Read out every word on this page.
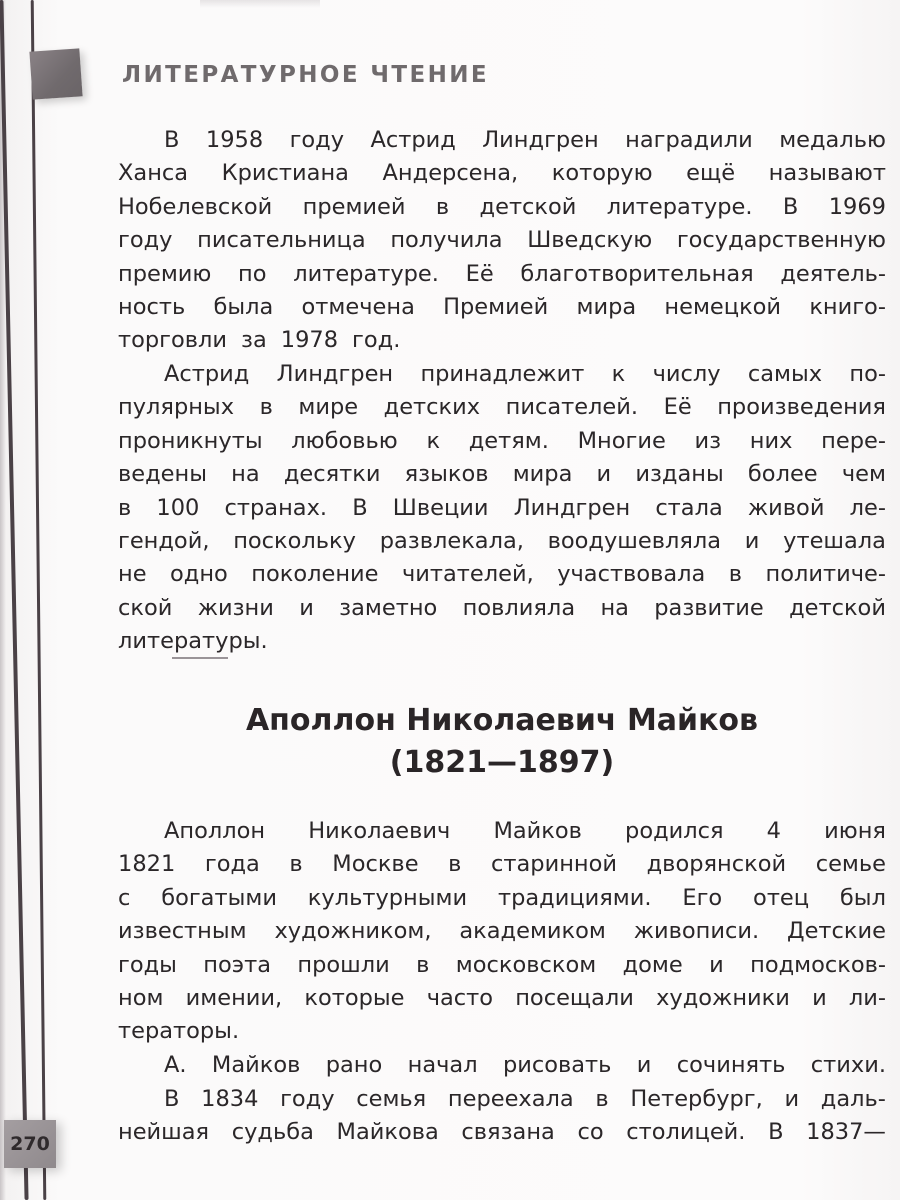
ЛИТЕРАТУРНОЕ ЧТЕНИЕ
В 1958 году Астрид Линдгрен наградили медалью
Ханса Кристиана Андерсена, которую ещё называют
Нобелевской премией в детской литературе. В 1969
году писательница получила Шведскую государственную
премию по литературе. Её благотворительная деятель-
ность была отмечена Премией мира немецкой книго-
торговли за 1978 год.
Астрид Линдгрен принадлежит к числу самых по-
пулярных в мире детских писателей. Её произведения
проникнуты любовью к детям. Многие из них пере-
ведены на десятки языков мира и изданы более чем
в 100 странах. В Швеции Линдгрен стала живой ле-
гендой, поскольку развлекала, воодушевляла и утешала
не одно поколение читателей, участвовала в политиче-
ской жизни и заметно повлияла на развитие детской
литературы.
Аполлон Николаевич Майков
(1821—1897)
Аполлон Николаевич Майков родился 4 июня
1821 года в Москве в старинной дворянской семье
с богатыми культурными традициями. Его отец был
известным художником, академиком живописи. Детские
годы поэта прошли в московском доме и подмосков-
ном имении, которые часто посещали художники и ли-
тераторы.
А. Майков рано начал рисовать и сочинять стихи.
В 1834 году семья переехала в Петербург, и даль-
нейшая судьба Майкова связана со столицей. В 1837—
270
